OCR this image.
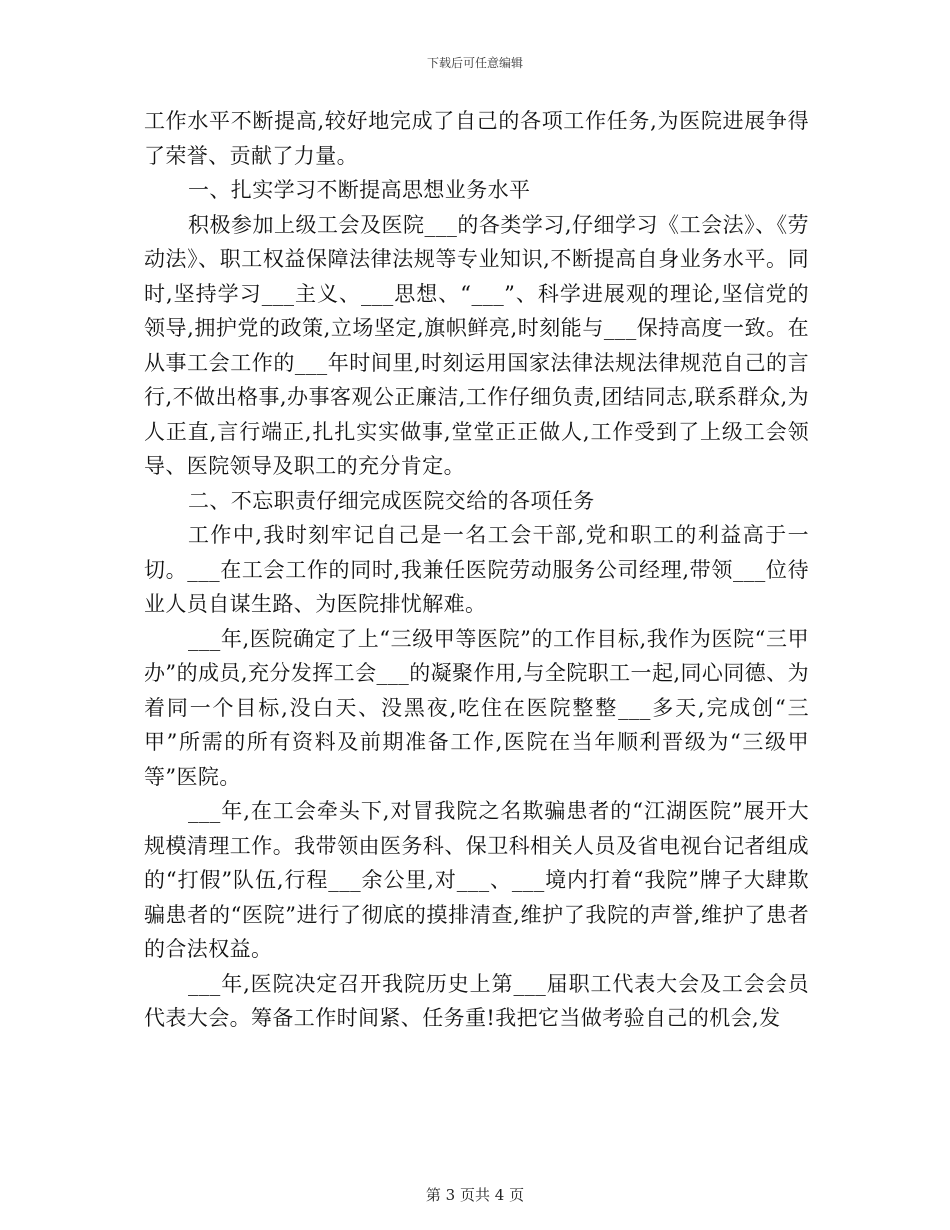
下载后可任意编辑

工作水平不断提高,较好地完成了自己的各项工作任务,为医院进展争得了荣誉、贡献了力量。

一、扎实学习不断提高思想业务水平

积极参加上级工会及医院___的各类学习,仔细学习《工会法》、《劳动法》、职工权益保障法律法规等专业知识,不断提高自身业务水平。同时,坚持学习___主义、___思想、“___”、科学进展观的理论,坚信党的领导,拥护党的政策,立场坚定,旗帜鲜亮,时刻能与___保持高度一致。在从事工会工作的___年时间里,时刻运用国家法律法规法律规范自己的言行,不做出格事,办事客观公正廉洁,工作仔细负责,团结同志,联系群众,为人正直,言行端正,扎扎实实做事,堂堂正正做人,工作受到了上级工会领导、医院领导及职工的充分肯定。

二、不忘职责仔细完成医院交给的各项任务

工作中,我时刻牢记自己是一名工会干部,党和职工的利益高于一切。___在工会工作的同时,我兼任医院劳动服务公司经理,带领___位待业人员自谋生路、为医院排忧解难。

___年,医院确定了上“三级甲等医院”的工作目标,我作为医院“三甲办”的成员,充分发挥工会___的凝聚作用,与全院职工一起,同心同德、为着同一个目标,没白天、没黑夜,吃住在医院整整___多天,完成创“三甲”所需的所有资料及前期准备工作,医院在当年顺利晋级为“三级甲等”医院。

___年,在工会牵头下,对冒我院之名欺骗患者的“江湖医院”展开大规模清理工作。我带领由医务科、保卫科相关人员及省电视台记者组成的“打假”队伍,行程___余公里,对___、___境内打着“我院”牌子大肆欺骗患者的“医院”进行了彻底的摸排清查,维护了我院的声誉,维护了患者的合法权益。

___年,医院决定召开我院历史上第___届职工代表大会及工会会员代表大会。筹备工作时间紧、任务重!我把它当做考验自己的机会,发

第 3 页共 4 页
